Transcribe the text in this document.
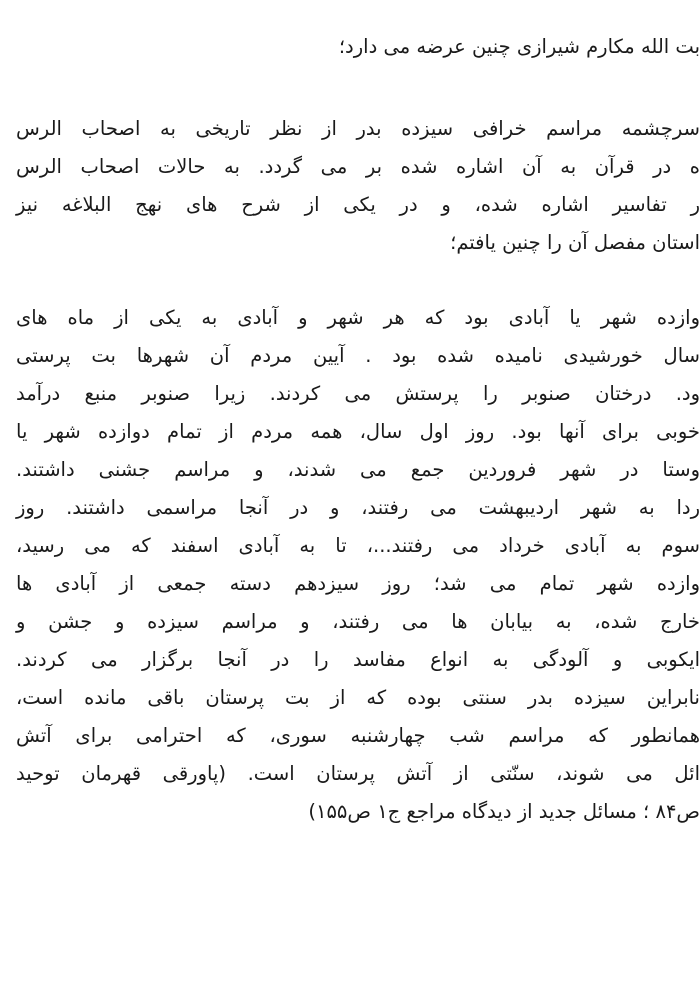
بت الله مکارم شیرازی چنین عرضه می دارد؛
سرچشمه مراسم خرافی سیزده بدر از نظر تاریخی به اصحاب الرس
ه در قرآن به آن اشاره شده بر می گردد. به حالات اصحاب الرس
ر تفاسیر اشاره شده، و در یکی از شرح های نهج البلاغه نیز
استان مفصل آن را چنین یافتم؛
وازده شهر یا آبادی بود که هر شهر و آبادی به یکی از ماه های
سال خورشیدی نامیده شده بود . آیین مردم آن شهرها بت پرستی
ود. درختان صنوبر را پرستش می کردند. زیرا صنوبر منبع درآمد
خوبی برای آنها بود. روز اول سال، همه مردم از تمام دوازده شهر یا
وستا در شهر فروردین جمع می شدند، و مراسم جشنی داشتند.
ردا به شهر اردیبهشت می رفتند، و در آنجا مراسمی داشتند. روز
سوم به آبادی خرداد می رفتند...، تا به آبادی اسفند که می رسید،
وازده شهر تمام می شد؛ روز سیزدهم دسته جمعی از آبادی ها
خارج شده، به بیابان ها می رفتند، و مراسم سیزده و جشن و
ایکوبی و آلودگی به انواع مفاسد را در آنجا برگزار می کردند.
نابراین سیزده بدر سنتی بوده که از بت پرستان باقی مانده است،
همانطور که مراسم شب چهارشنبه سوری، که احترامی برای آتش
ائل می شوند، سنّتی از آتش پرستان است. (پاورقی قهرمان توحید
ص۸۴ ؛ مسائل جدید از دیدگاه مراجع ج۱ ص۱۵۵)
